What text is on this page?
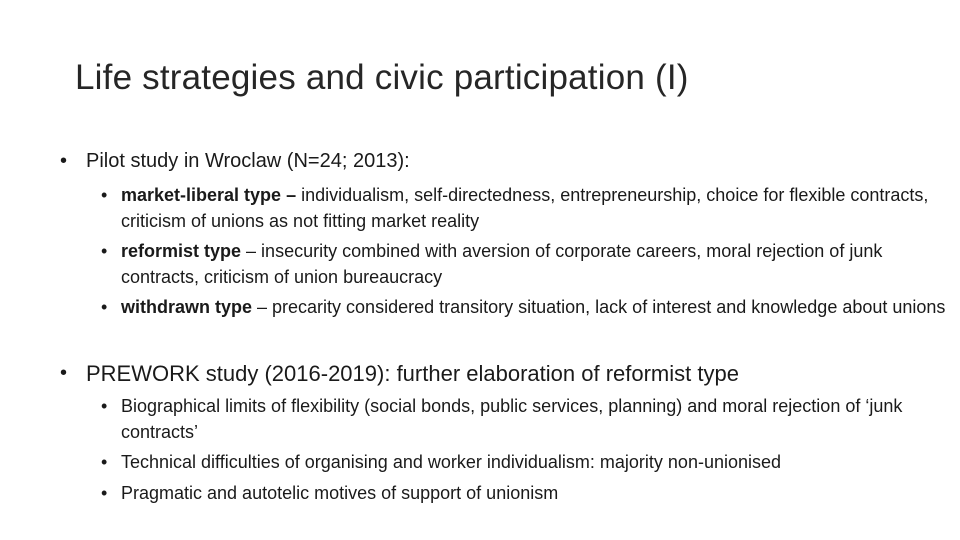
Life strategies and civic participation (I)
• Pilot study in Wroclaw (N=24; 2013):
• market-liberal type – individualism, self-directedness, entrepreneurship, choice for flexible contracts, criticism of unions as not fitting market reality
• reformist type – insecurity combined with aversion of corporate careers, moral rejection of junk contracts, criticism of union bureaucracy
• withdrawn type – precarity considered transitory situation, lack of interest and knowledge about unions
• PREWORK study (2016-2019): further elaboration of reformist type
• Biographical limits of flexibility (social bonds, public services, planning) and moral rejection of ‘junk contracts’
• Technical difficulties of organising and worker individualism: majority non-unionised
• Pragmatic and autotelic motives of support of unionism
